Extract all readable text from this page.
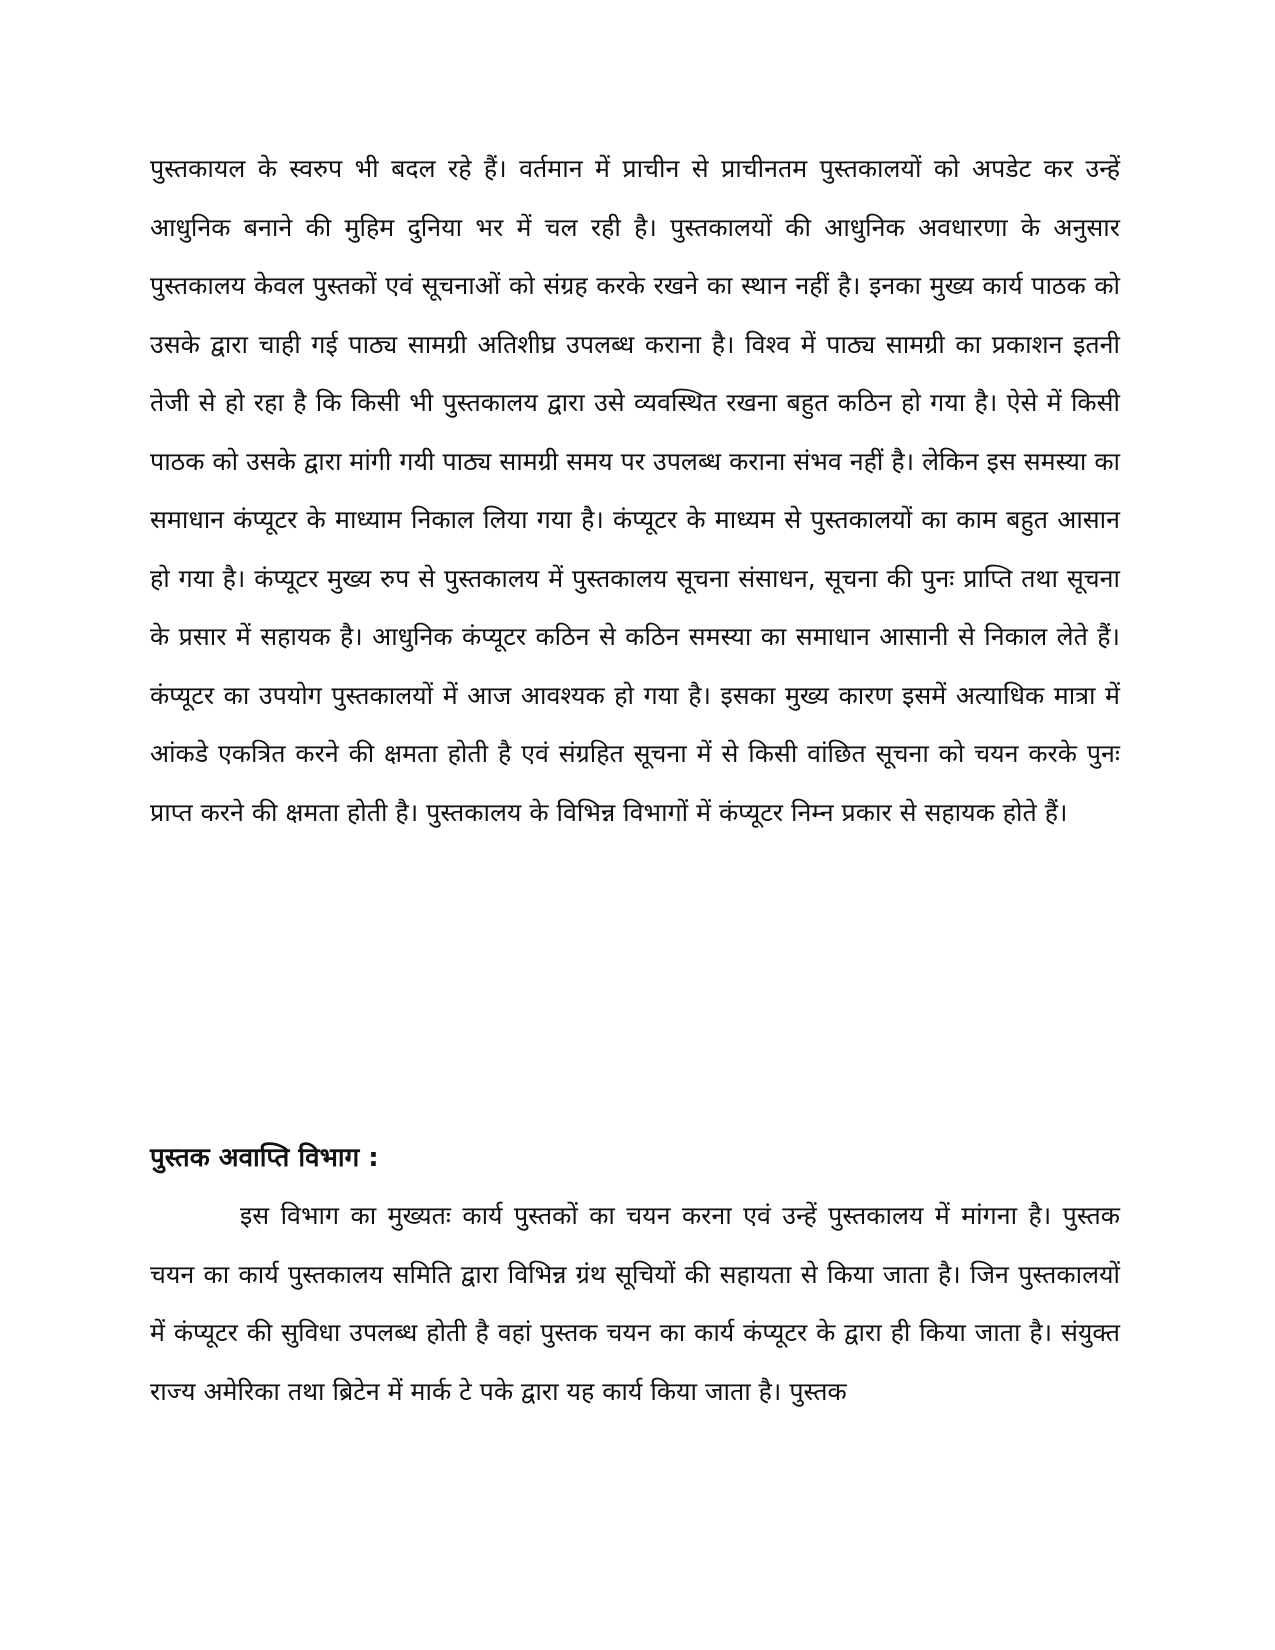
पुस्तकायल के स्वरुप भी बदल रहे हैं। वर्तमान में प्राचीन से प्राचीनतम पुस्तकालयों को अपडेट कर उन्हें आधुनिक बनाने की मुहिम दुनिया भर में चल रही है। पुस्तकालयों की आधुनिक अवधारणा के अनुसार पुस्तकालय केवल पुस्तकों एवं सूचनाओं को संग्रह करके रखने का स्थान नहीं है। इनका मुख्य कार्य पाठक को उसके द्वारा चाही गई पाठ्य सामग्री अतिशीघ्र उपलब्ध कराना है। विश्व में पाठ्य सामग्री का प्रकाशन इतनी तेजी से हो रहा है कि किसी भी पुस्तकालय द्वारा उसे व्यवस्थित रखना बहुत कठिन हो गया है। ऐसे में किसी पाठक को उसके द्वारा मांगी गयी पाठ्य सामग्री समय पर उपलब्ध कराना संभव नहीं है। लेकिन इस समस्या का समाधान कंप्यूटर के माध्याम निकाल लिया गया है। कंप्यूटर के माध्यम से पुस्तकालयों का काम बहुत आसान हो गया है। कंप्यूटर मुख्य रुप से पुस्तकालय में पुस्तकालय सूचना संसाधन, सूचना की पुनः प्राप्ति तथा सूचना के प्रसार में सहायक है। आधुनिक कंप्यूटर कठिन से कठिन समस्या का समाधान आसानी से निकाल लेते हैं। कंप्यूटर का उपयोग पुस्तकालयों में आज आवश्यक हो गया है। इसका मुख्य कारण इसमें अत्याधिक मात्रा में आंकडे एकत्रित करने की क्षमता होती है एवं संग्रहित सूचना में से किसी वांछित सूचना को चयन करके पुनः प्राप्त करने की क्षमता होती है। पुस्तकालय के विभिन्न विभागों में कंप्यूटर निम्न प्रकार से सहायक होते हैं।

पुस्तक अवाप्ति विभाग :

इस विभाग का मुख्यतः कार्य पुस्तकों का चयन करना एवं उन्हें पुस्तकालय में मांगना है। पुस्तक चयन का कार्य पुस्तकालय समिति द्वारा विभिन्न ग्रंथ सूचियों की सहायता से किया जाता है। जिन पुस्तकालयों में कंप्यूटर की सुविधा उपलब्ध होती है वहां पुस्तक चयन का कार्य कंप्यूटर के द्वारा ही किया जाता है। संयुक्त राज्य अमेरिका तथा ब्रिटेन में मार्क टे पके द्वारा यह कार्य किया जाता है। पुस्तक
